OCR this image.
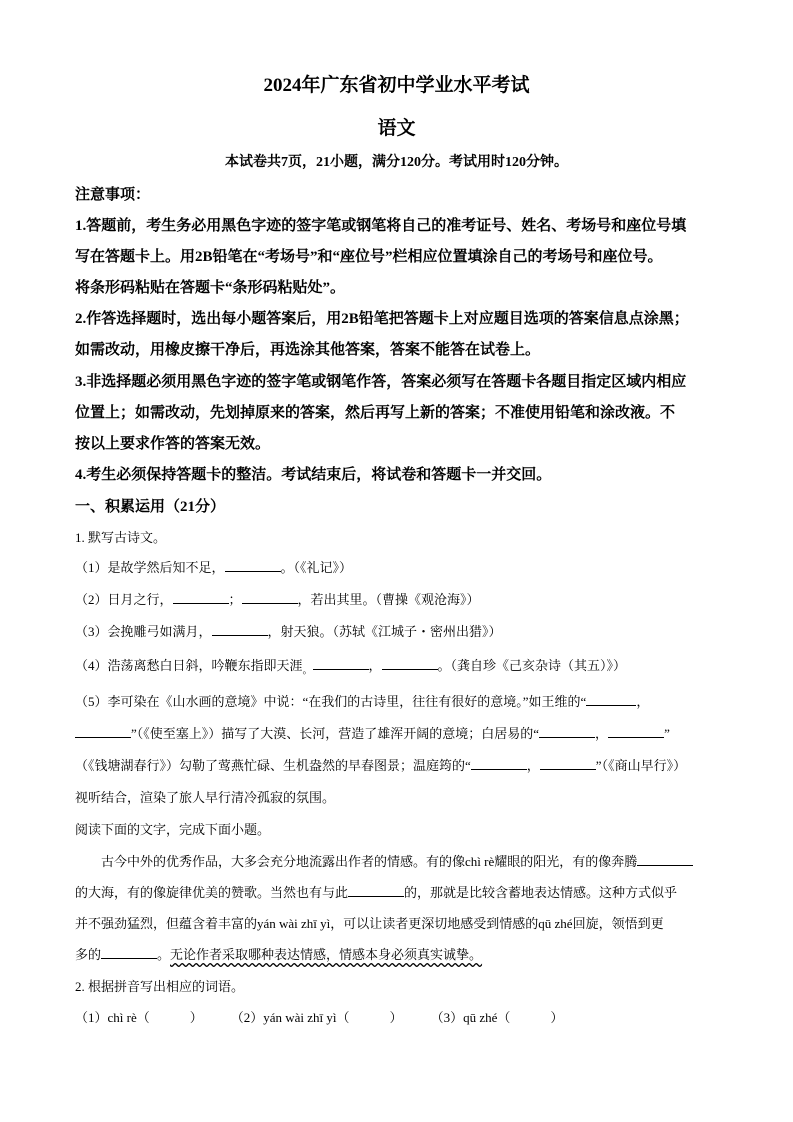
2024年广东省初中学业水平考试
语文
本试卷共7页，21小题，满分120分。考试用时120分钟。
注意事项：
1.答题前，考生务必用黑色字迹的签字笔或钢笔将自己的准考证号、姓名、考场号和座位号填
写在答题卡上。用2B铅笔在“考场号”和“座位号”栏相应位置填涂自己的考场号和座位号。
将条形码粘贴在答题卡“条形码粘贴处”。
2.作答选择题时，选出每小题答案后，用2B铅笔把答题卡上对应题目选项的答案信息点涂黑；
如需改动，用橡皮擦干净后，再选涂其他答案，答案不能答在试卷上。
3.非选择题必须用黑色字迹的签字笔或钢笔作答，答案必须写在答题卡各题目指定区域内相应
位置上；如需改动，先划掉原来的答案，然后再写上新的答案；不准使用铅笔和涂改液。不
按以上要求作答的答案无效。
4.考生必须保持答题卡的整洁。考试结束后，将试卷和答题卡一并交回。
一、积累运用（21分）
1. 默写古诗文。
（1）是故学然后知不足，	。（《礼记》）
（2）日月之行，	；	，若出其里。（曹操《观沧海》）
（3）会挽雕弓如满月，	，射天狼。（苏轼《江城子・密州出猎》）
（4）浩荡离愁白日斜，吟鞭东指即天涯$_。$	，	。（龚自珍《己亥杂诗（其五）》）
（5）李可染在《山水画的意境》中说：“在我们的古诗里，往往有很好的意境。”如王维的“	，
”（《使至塞上》）描写了大漠、长河，营造了雄浑开阔的意境；白居易的“	，	”
（《钱塘湖春行》）勾勒了莺燕忙碌、生机盎然的早春图景；温庭筠的“	，	”（《商山早行》）
视听结合，渲染了旅人早行清冷孤寂的氛围。
阅读下面的文字，完成下面小题。
古今中外的优秀作品，大多会充分地流露出作者的情感。有的像chì rè耀眼的阳光，有的像奔腾
的大海，有的像旋律优美的赞歌。当然也有与此	的，那就是比较含蓄地表达情感。这种方式似乎
并不强劲猛烈，但蕴含着丰富的yán wài zhī yì，可以让读者更深切地感受到情感的qū zhé回旋，领悟到更
多的	。无论作者采取哪种表达情感，情感本身必须真实诚挚。
2. 根据拼音写出相应的词语。
（1）chì rè（	） （2）yán wài zhī yì（	） （3）qū zhé（	）
